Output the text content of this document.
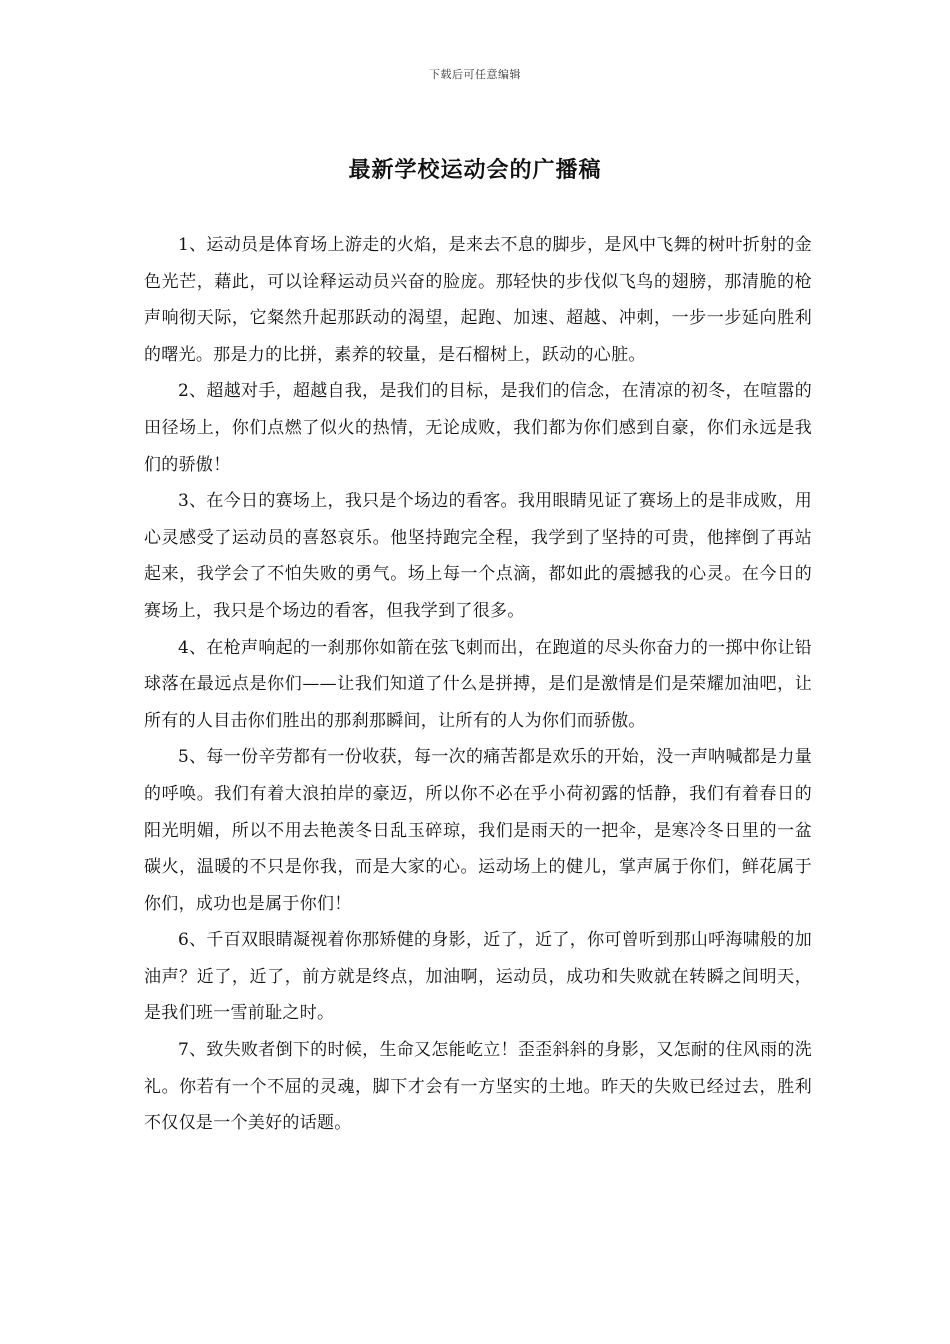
下载后可任意编辑
最新学校运动会的广播稿

1、运动员是体育场上游走的火焰，是来去不息的脚步，是风中飞舞的树叶折射的金色光芒，藉此，可以诠释运动员兴奋的脸庞。那轻快的步伐似飞鸟的翅膀，那清脆的枪声响彻天际，它粲然升起那跃动的渴望，起跑、加速、超越、冲刺，一步一步延向胜利的曙光。那是力的比拼，素养的较量，是石榴树上，跃动的心脏。

2、超越对手，超越自我，是我们的目标，是我们的信念，在清凉的初冬，在喧嚣的田径场上，你们点燃了似火的热情，无论成败，我们都为你们感到自豪，你们永远是我们的骄傲！

3、在今日的赛场上，我只是个场边的看客。我用眼睛见证了赛场上的是非成败，用心灵感受了运动员的喜怒哀乐。他坚持跑完全程，我学到了坚持的可贵，他摔倒了再站起来，我学会了不怕失败的勇气。场上每一个点滴，都如此的震撼我的心灵。在今日的赛场上，我只是个场边的看客，但我学到了很多。

4、在枪声响起的一刹那你如箭在弦飞刺而出，在跑道的尽头你奋力的一掷中你让铅球落在最远点是你们——让我们知道了什么是拼搏，是们是激情是们是荣耀加油吧，让所有的人目击你们胜出的那刹那瞬间，让所有的人为你们而骄傲。

5、每一份辛劳都有一份收获，每一次的痛苦都是欢乐的开始，没一声呐喊都是力量的呼唤。我们有着大浪拍岸的豪迈，所以你不必在乎小荷初露的恬静，我们有着春日的阳光明媚，所以不用去艳羡冬日乱玉碎琼，我们是雨天的一把伞，是寒冷冬日里的一盆碳火，温暖的不只是你我，而是大家的心。运动场上的健儿，掌声属于你们，鲜花属于你们，成功也是属于你们！

6、千百双眼睛凝视着你那矫健的身影，近了，近了，你可曾听到那山呼海啸般的加油声？近了，近了，前方就是终点，加油啊，运动员，成功和失败就在转瞬之间明天，是我们班一雪前耻之时。

7、致失败者倒下的时候，生命又怎能屹立！歪歪斜斜的身影，又怎耐的住风雨的洗礼。你若有一个不屈的灵魂，脚下才会有一方坚实的土地。昨天的失败已经过去，胜利不仅仅是一个美好的话题。
